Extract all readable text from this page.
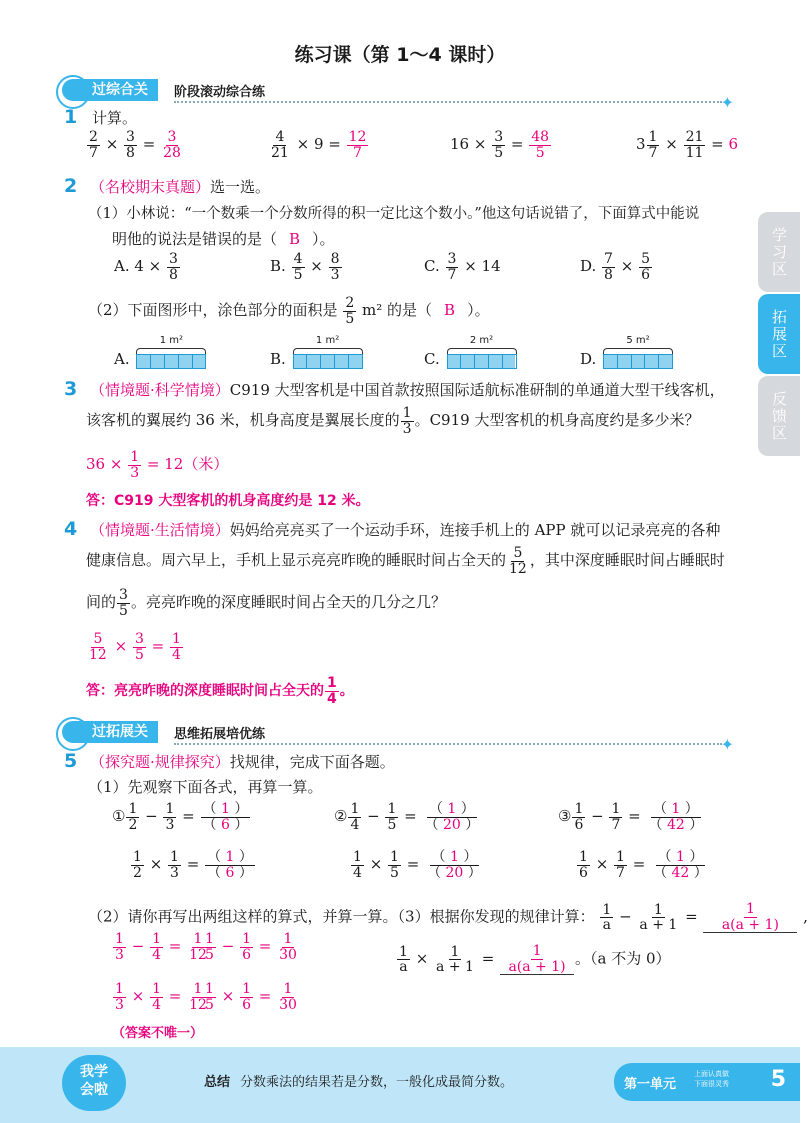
练习课（第 1～4 课时）
过综合关	阶段滚动综合练
✦
学习区
拓展区
反馈区
1 计算。
$\frac{2}{7} \times \frac{3}{8} = \frac{3}{28}$	$\frac{4}{21} \times 9 = \frac{12}{7}$	$16 \times \frac{3}{5} = \frac{48}{5}$	$3 \frac{1}{7} \times \frac{21}{11} = 6$
2 （名校期末真题）选一选。
（1）小林说：“一个数乘一个分数所得的积一定比这个数小。”他这句话说错了，下面算式中能说
明他的说法是错误的是（ B ）。
A. $4 \times \frac{3}{8}$	B. $\frac{4}{5} \times \frac{8}{3}$	C. $\frac{3}{7} \times 14$	D. $\frac{7}{8} \times \frac{5}{6}$
（2）下面图形中，涂色部分的面积是 $\frac{2}{5} m^2$ 的是（ B ）。
A.
1 m²
B.
1 m²
C.
2 m²
D.
5 m²
3 （情境题·科学情境）C919 大型客机是中国首款按照国际适航标准研制的单通道大型干线客机，
该客机的翼展约 36 米，机身高度是翼展长度的 $\frac{1}{3}$ 。C919 大型客机的机身高度约是多少米？
$36 \times \frac{1}{3} = 12$（米）
答：C919 大型客机的机身高度约是 12 米。
4 （情境题·生活情境）妈妈给亮亮买了一个运动手环，连接手机上的 APP 就可以记录亮亮的各种
健康信息。周六早上，手机上显示亮亮昨晚的睡眠时间占全天的 $\frac{5}{12}$ ，其中深度睡眠时间占睡眠时
间的 $\frac{3}{5}$ 。亮亮昨晚的深度睡眠时间占全天的几分之几？
$\frac{5}{12} \times \frac{3}{5} = \frac{1}{4}$
答：亮亮昨晚的深度睡眠时间占全天的 $\frac{1}{4}$ 。
过拓展关	思维拓展培优练
✦
5 （探究题·规律探究）找规律，完成下面各题。
（1）先观察下面各式，再算一算。
① $\frac{1}{2} - \frac{1}{3} = \frac{( 1 )}{( 6 )}$	② $\frac{1}{4} - \frac{1}{5} = \frac{( 1 )}{( 20 )}$	③ $\frac{1}{6} - \frac{1}{7} = \frac{( 1 )}{( 42 )}$
$\frac{1}{2} \times \frac{1}{3} = \frac{( 1 )}{( 6 )}$	$\frac{1}{4} \times \frac{1}{5} = \frac{( 1 )}{( 20 )}$	$\frac{1}{6} \times \frac{1}{7} = \frac{( 1 )}{( 42 )}$
（2）请你再写出两组这样的算式，并算一算。（3）根据你发现的规律计算： $\frac{1}{a} - \frac{1}{a + 1} = \frac{1}{a(a + 1)}$ ,
$\frac{1}{3} - \frac{1}{4} = \frac{1}{12}$
$\frac{1}{5} - \frac{1}{6} = \frac{1}{30}$
$\frac{1}{3} \times \frac{1}{4} = \frac{1}{12}$
$\frac{1}{5} \times \frac{1}{6} = \frac{1}{30}$
（答案不唯一）
$\frac{1}{a} \times \frac{1}{a + 1} = \frac{1}{a(a + 1)}$ 。（a 不为 0）
我学
会啦	总结 分数乘法的结果若是分数，一般化成最简分数。	第一单元
上面认真做
下面很灵秀 5
